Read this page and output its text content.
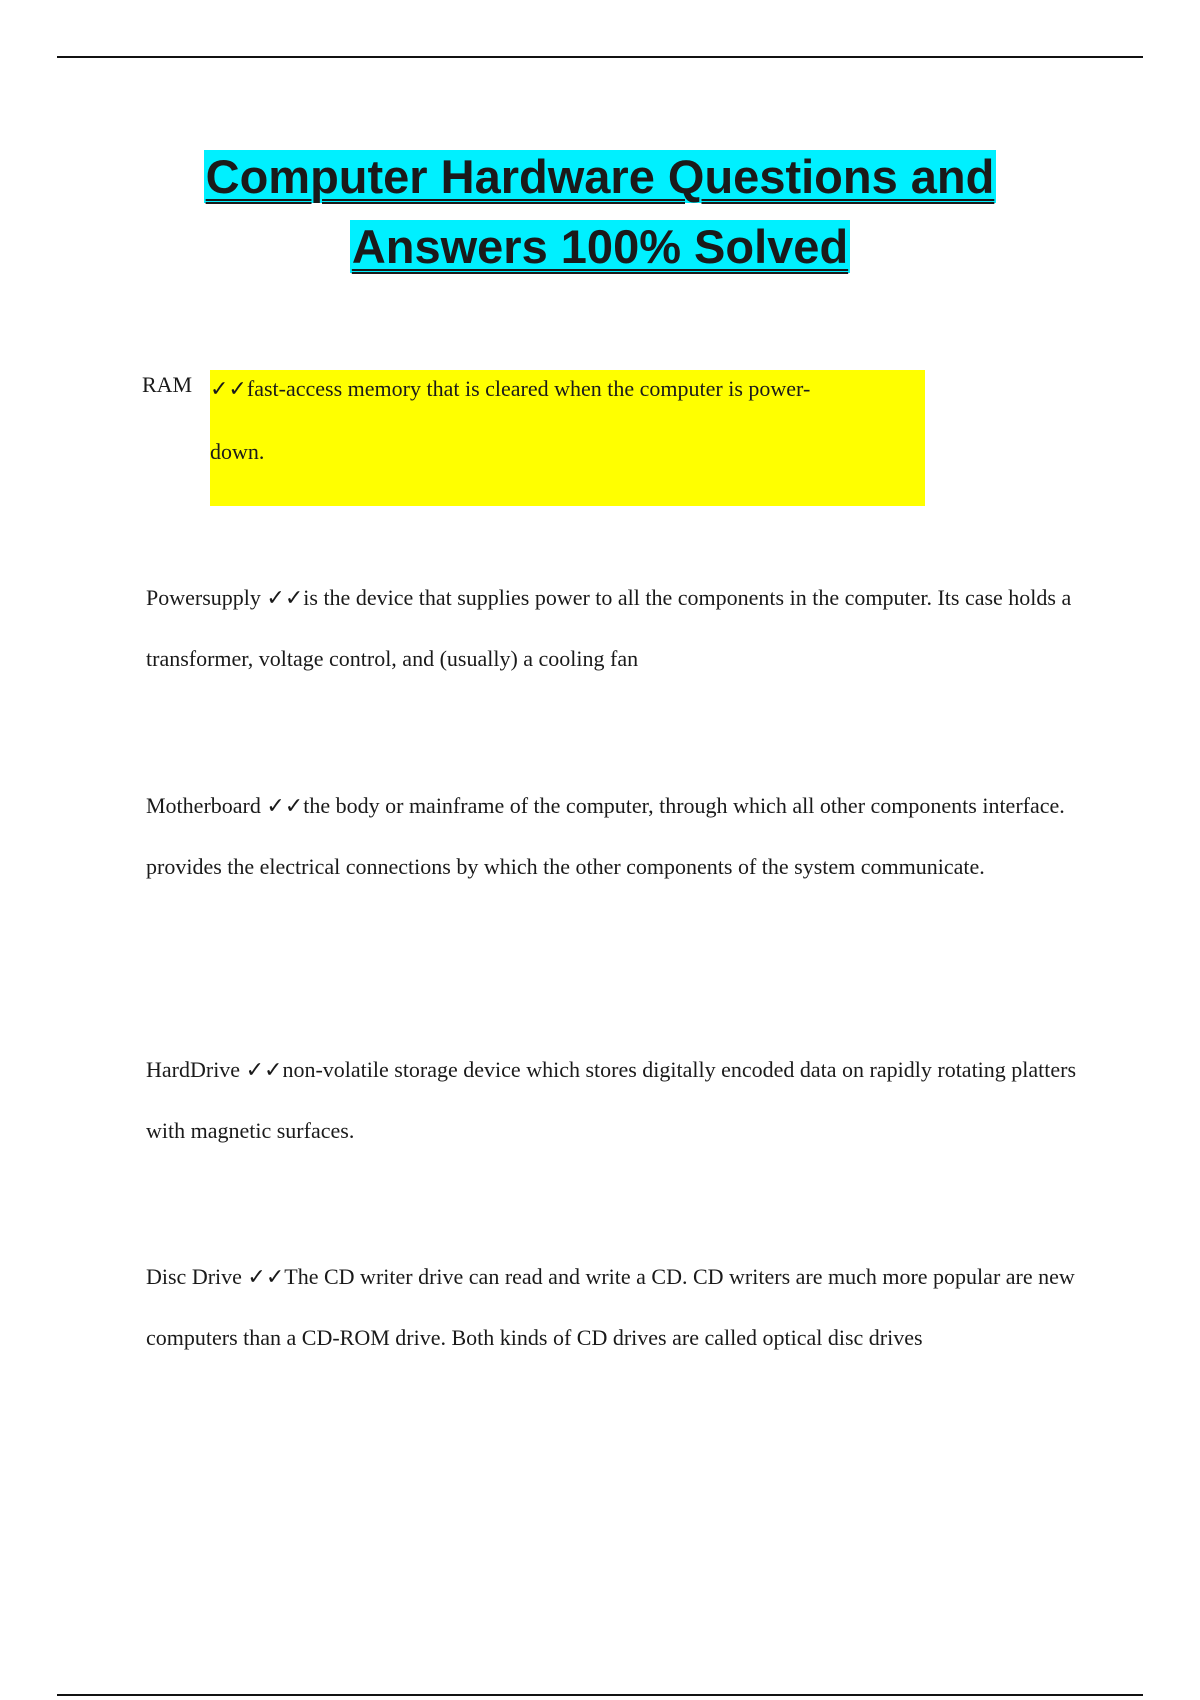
Computer Hardware Questions and
Answers 100% Solved
RAM ✓✓fast-access memory that is cleared when the computer is power-
down.

Powersupply ✓✓is the device that supplies power to all the components in the computer. Its case holds a transformer, voltage control, and (usually) a cooling fan

Motherboard ✓✓the body or mainframe of the computer, through which all other components interface. provides the electrical connections by which the other components of the system communicate.

HardDrive ✓✓non-volatile storage device which stores digitally encoded data on rapidly rotating platters with magnetic surfaces.

Disc Drive ✓✓The CD writer drive can read and write a CD. CD writers are much more popular are new computers than a CD-ROM drive. Both kinds of CD drives are called optical disc drives
